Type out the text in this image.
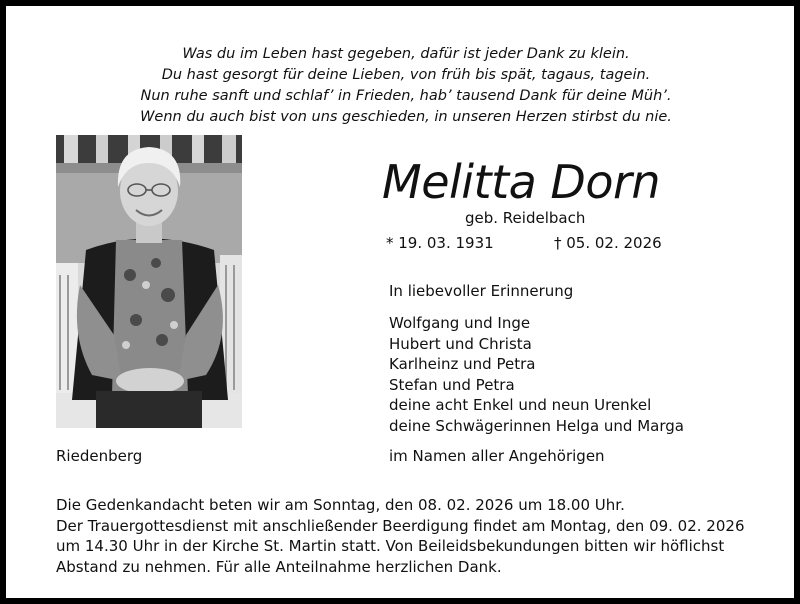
Was du im Leben hast gegeben, dafür ist jeder Dank zu klein.
Du hast gesorgt für deine Lieben, von früh bis spät, tagaus, tagein.
Nun ruhe sanft und schlaf’ in Frieden, hab’ tausend Dank für deine Müh’.
Wenn du auch bist von uns geschieden, in unseren Herzen stirbst du nie.
Melitta Dorn
geb. Reidelbach
* 19. 03. 1931	† 05. 02. 2026
In liebevoller Erinnerung
Wolfgang und Inge
Hubert und Christa
Karlheinz und Petra
Stefan und Petra
deine acht Enkel und neun Urenkel
deine Schwägerinnen Helga und Marga
Riedenberg	im Namen aller Angehörigen
Die Gedenkandacht beten wir am Sonntag, den 08. 02. 2026 um 18.00 Uhr.
Der Trauergottesdienst mit anschließender Beerdigung findet am Montag, den 09. 02. 2026
um 14.30 Uhr in der Kirche St. Martin statt. Von Beileidsbekundungen bitten wir höflichst
Abstand zu nehmen. Für alle Anteilnahme herzlichen Dank.
